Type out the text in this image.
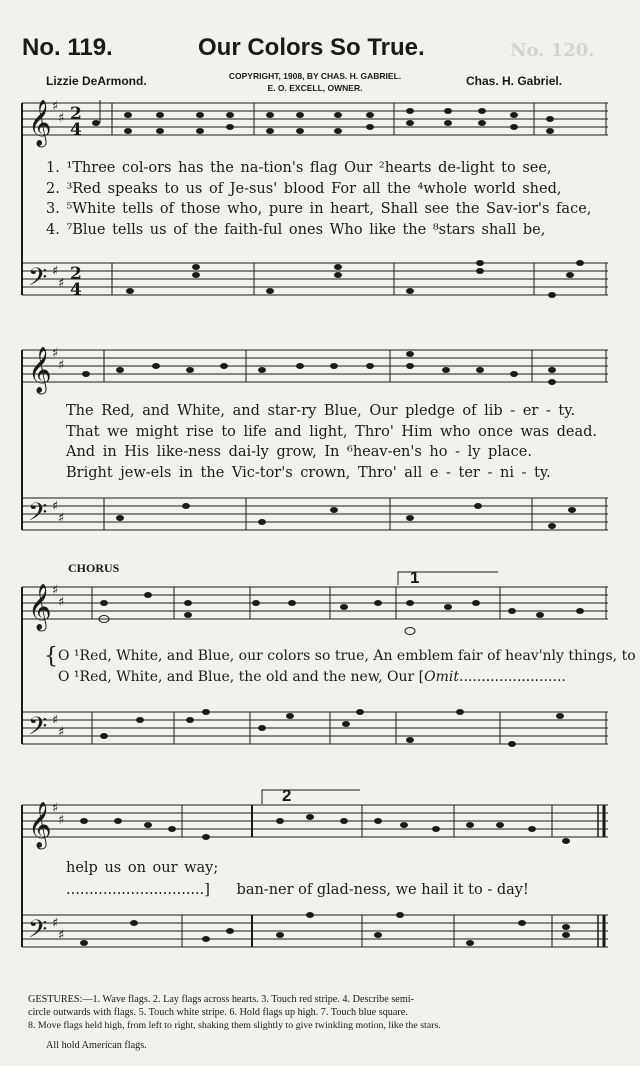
No. 119.	Our Colors So True.	No. 120.
Lizzie DeArmond.	COPYRIGHT, 1908, BY CHAS. H. GABRIEL.
E. O. EXCELL, OWNER.	Chas. H. Gabriel.
𝄞
𝄢
𝄞
𝄢
𝄞
𝄢
𝄞
𝄢
♯
♯
♯
♯
♯
♯
♯
♯
♯
♯
♯
♯
♯
♯
♯
♯
2
4
2
4
1
2
1. ¹Three col-ors has the na-tion's flag Our ²hearts de-light to see,
2. ³Red speaks to us of Je-sus' blood For all the ⁴whole world shed,
3. ⁵White tells of those who, pure in heart, Shall see the Sav-ior's face,
4. ⁷Blue tells us of the faith-ful ones Who like the ⁸stars shall be,
The Red, and White, and star-ry Blue, Our pledge of lib - er - ty.
That we might rise to life and light, Thro' Him who once was dead.
And in His like-ness dai-ly grow, In ⁶heav-en's ho - ly place.
Bright jew-els in the Vic-tor's crown, Thro' all e - ter - ni - ty.
CHORUS
{ O ¹Red, White, and Blue, our colors so true, An emblem fair of heav'nly things, to
O ¹Red, White, and Blue, the old and the new, Our [Omit........................
help us on our way;
..............................] ban-ner of glad-ness, we hail it to - day!
GESTURES:—1. Wave flags. 2. Lay flags across hearts. 3. Touch red stripe. 4. Describe semi-
circle outwards with flags. 5. Touch white stripe. 6. Hold flags up high. 7. Touch blue square.
8. Move flags held high, from left to right, shaking them slightly to give twinkling motion, like the stars.
All hold American flags.
